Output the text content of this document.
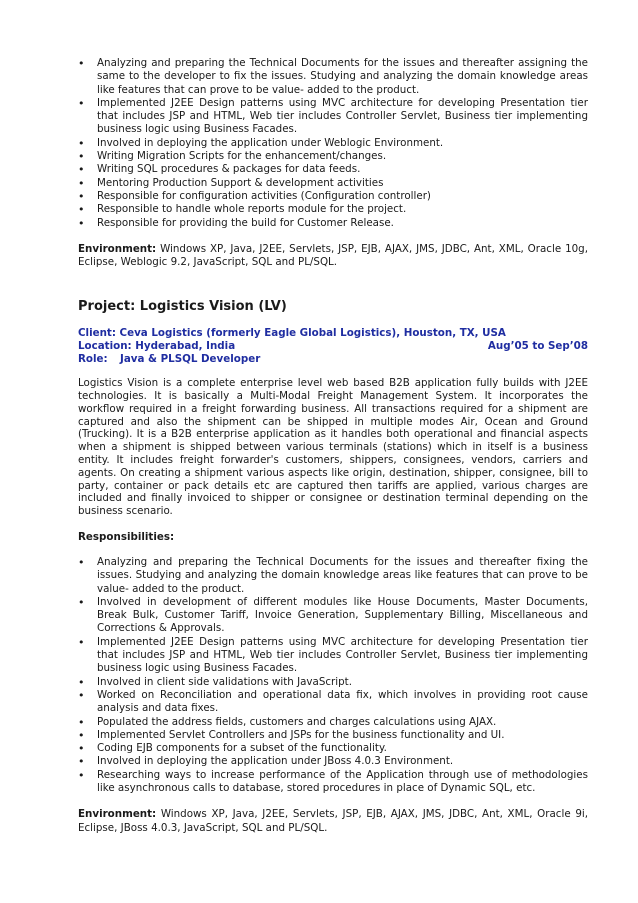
• Analyzing and preparing the Technical Documents for the issues and thereafter assigning the same to the developer to fix the issues. Studying and analyzing the domain knowledge areas like features that can prove to be value- added to the product.
• Implemented J2EE Design patterns using MVC architecture for developing Presentation tier that includes JSP and HTML, Web tier includes Controller Servlet, Business tier implementing business logic using Business Facades.
• Involved in deploying the application under Weblogic Environment.
• Writing Migration Scripts for the enhancement/changes.
• Writing SQL procedures & packages for data feeds.
• Mentoring Production Support & development activities
• Responsible for configuration activities (Configuration controller)
• Responsible to handle whole reports module for the project.
• Responsible for providing the build for Customer Release.
Environment: Windows XP, Java, J2EE, Servlets, JSP, EJB, AJAX, JMS, JDBC, Ant, XML, Oracle 10g, Eclipse, Weblogic 9.2, JavaScript, SQL and PL/SQL.
Project: Logistics Vision (LV)
Client: Ceva Logistics (formerly Eagle Global Logistics), Houston, TX, USA
Location: Hyderabad, India	Aug’05 to Sep’08
Role: Java & PLSQL Developer
Logistics Vision is a complete enterprise level web based B2B application fully builds with J2EE technologies. It is basically a Multi-Modal Freight Management System. It incorporates the workflow required in a freight forwarding business. All transactions required for a shipment are captured and also the shipment can be shipped in multiple modes Air, Ocean and Ground (Trucking). It is a B2B enterprise application as it handles both operational and financial aspects when a shipment is shipped between various terminals (stations) which in itself is a business entity. It includes freight forwarder's customers, shippers, consignees, vendors, carriers and agents. On creating a shipment various aspects like origin, destination, shipper, consignee, bill to party, container or pack details etc are captured then tariffs are applied, various charges are included and finally invoiced to shipper or consignee or destination terminal depending on the business scenario.
Responsibilities:
• Analyzing and preparing the Technical Documents for the issues and thereafter fixing the issues. Studying and analyzing the domain knowledge areas like features that can prove to be value- added to the product.
• Involved in development of different modules like House Documents, Master Documents, Break Bulk, Customer Tariff, Invoice Generation, Supplementary Billing, Miscellaneous and Corrections & Approvals.
• Implemented J2EE Design patterns using MVC architecture for developing Presentation tier that includes JSP and HTML, Web tier includes Controller Servlet, Business tier implementing business logic using Business Facades.
• Involved in client side validations with JavaScript.
• Worked on Reconciliation and operational data fix, which involves in providing root cause analysis and data fixes.
• Populated the address fields, customers and charges calculations using AJAX.
• Implemented Servlet Controllers and JSPs for the business functionality and UI.
• Coding EJB components for a subset of the functionality.
• Involved in deploying the application under JBoss 4.0.3 Environment.
• Researching ways to increase performance of the Application through use of methodologies like asynchronous calls to database, stored procedures in place of Dynamic SQL, etc.
Environment: Windows XP, Java, J2EE, Servlets, JSP, EJB, AJAX, JMS, JDBC, Ant, XML, Oracle 9i, Eclipse, JBoss 4.0.3, JavaScript, SQL and PL/SQL.
